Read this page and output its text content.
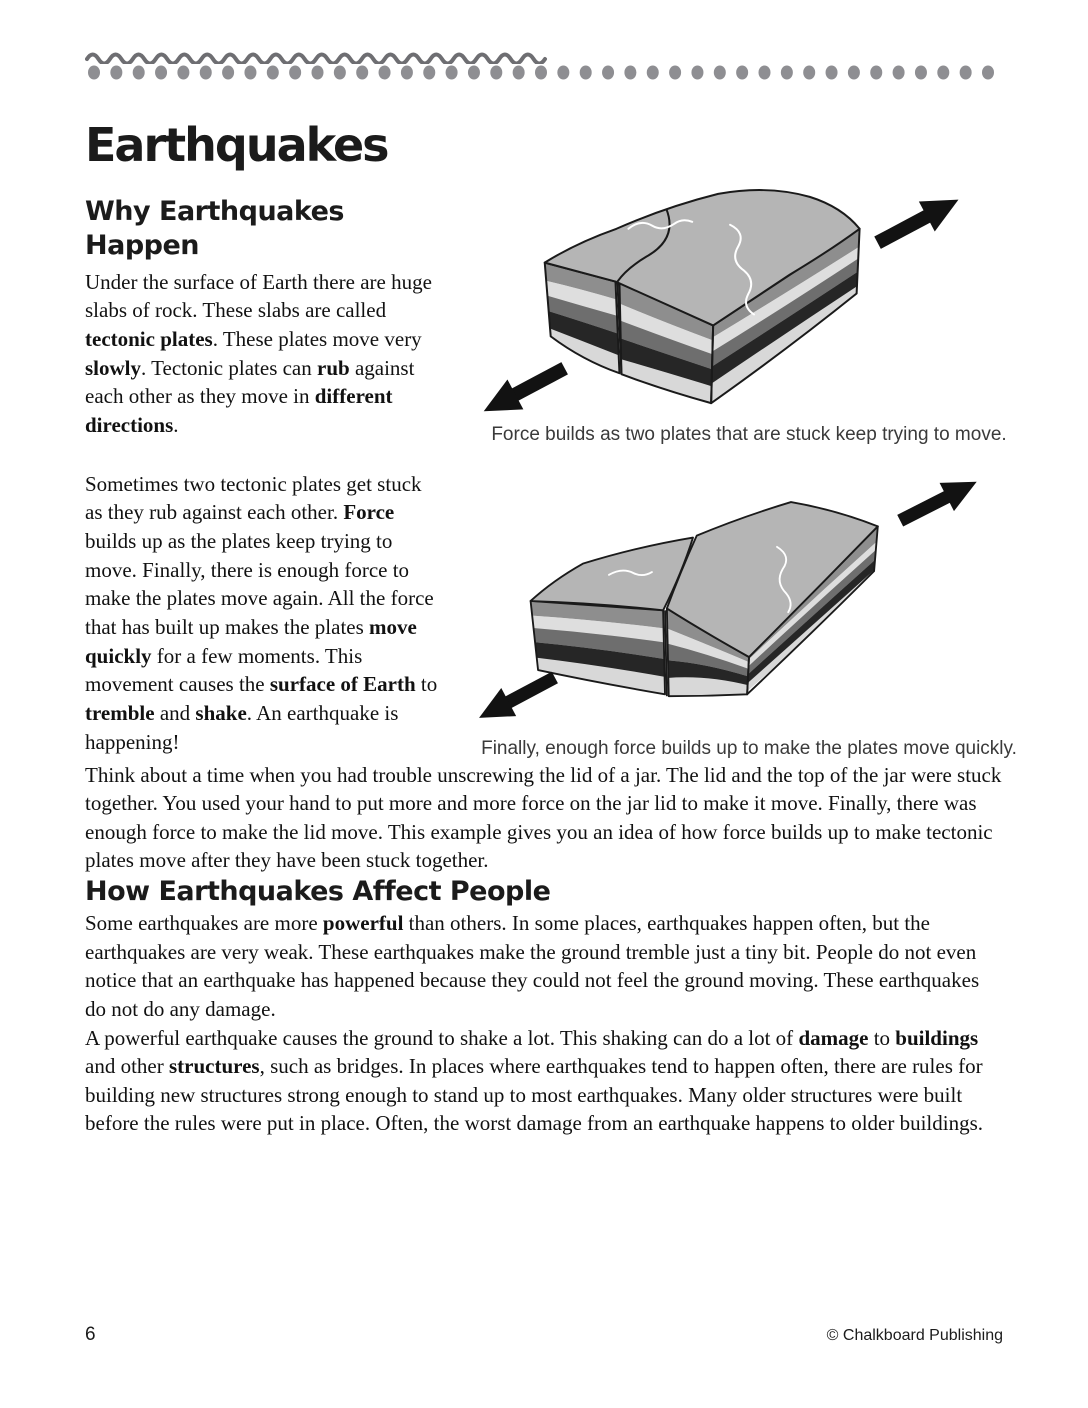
Earthquakes
Why Earthquakes Happen

Under the surface of Earth there are huge slabs of rock. These slabs are called tectonic plates. These plates move very slowly. Tectonic plates can rub against each other as they move in different directions.

Sometimes two tectonic plates get stuck as they rub against each other. Force builds up as the plates keep trying to move. Finally, there is enough force to make the plates move again. All the force that has built up makes the plates move quickly for a few moments. This movement causes the surface of Earth to tremble and shake. An earthquake is happening!

Force builds as two plates that are stuck keep trying to move.
Finally, enough force builds up to make the plates move quickly.

Think about a time when you had trouble unscrewing the lid of a jar. The lid and the top of the jar were stuck together. You used your hand to put more and more force on the jar lid to make it move. Finally, there was enough force to make the lid move. This example gives you an idea of how force builds up to make tectonic plates move after they have been stuck together.

How Earthquakes Affect People

Some earthquakes are more powerful than others. In some places, earthquakes happen often, but the earthquakes are very weak. These earthquakes make the ground tremble just a tiny bit. People do not even notice that an earthquake has happened because they could not feel the ground moving. These earthquakes do not do any damage.

A powerful earthquake causes the ground to shake a lot. This shaking can do a lot of damage to buildings and other structures, such as bridges. In places where earthquakes tend to happen often, there are rules for building new structures strong enough to stand up to most earthquakes. Many older structures were built before the rules were put in place. Often, the worst damage from an earthquake happens to older buildings.

6	© Chalkboard Publishing
